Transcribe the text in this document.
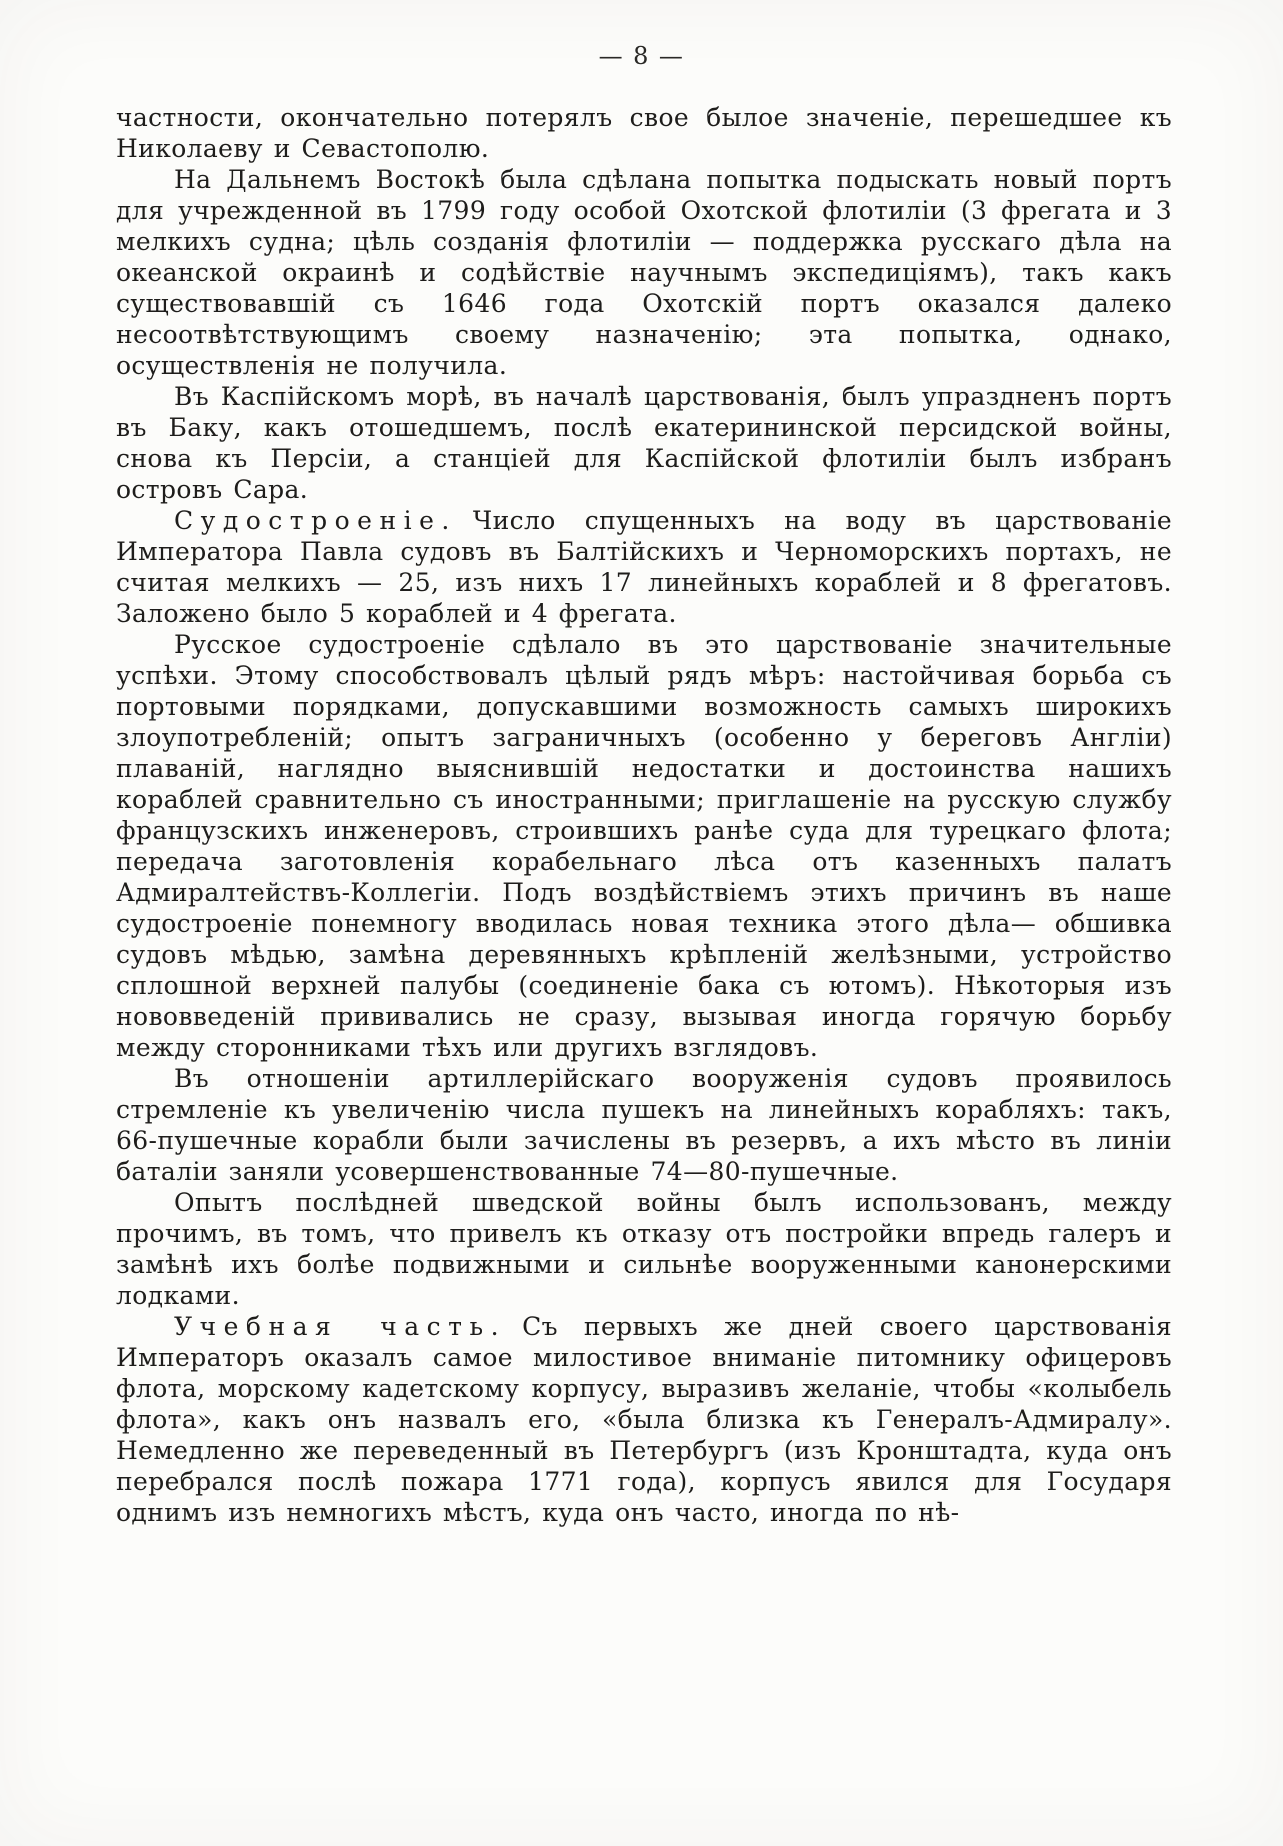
— 8 —

частности, окончательно потерялъ свое былое значеніе, перешедшее къ Николаеву и Севастополю.

На Дальнемъ Востокѣ была сдѣлана попытка подыскать новый портъ для учрежденной въ 1799 году особой Охотской флотиліи (3 фрегата и 3 мелкихъ судна; цѣль созданія флотиліи — поддержка русскаго дѣла на океанской окраинѣ и содѣйствіе научнымъ экспедиціямъ), такъ какъ существовавшій съ 1646 года Охотскій портъ оказался далеко несоотвѣтствующимъ своему назначенію; эта попытка, однако, осуществленія не получила.

Въ Каспійскомъ морѣ, въ началѣ царствованія, былъ упраздненъ портъ въ Баку, какъ отошедшемъ, послѣ екатерининской персидской войны, снова къ Персіи, а станціей для Каспійской флотиліи былъ избранъ островъ Сара.

Судостроеніе. Число спущенныхъ на воду въ царствованіе Императора Павла судовъ въ Балтійскихъ и Черноморскихъ портахъ, не считая мелкихъ — 25, изъ нихъ 17 линейныхъ кораблей и 8 фрегатовъ. Заложено было 5 кораблей и 4 фрегата.

Русское судостроеніе сдѣлало въ это царствованіе значительные успѣхи. Этому способствовалъ цѣлый рядъ мѣръ: настойчивая борьба съ портовыми порядками, допускавшими возможность самыхъ широкихъ злоупотребленій; опытъ заграничныхъ (особенно у береговъ Англіи) плаваній, наглядно выяснившій недостатки и достоинства нашихъ кораблей сравнительно съ иностранными; приглашеніе на русскую службу французскихъ инженеровъ, строившихъ ранѣе суда для турецкаго флота; передача заготовленія корабельнаго лѣса отъ казенныхъ палатъ Адмиралтействъ-Коллегіи. Подъ воздѣйствіемъ этихъ причинъ въ наше судостроеніе понемногу вводилась новая техника этого дѣла— обшивка судовъ мѣдью, замѣна деревянныхъ крѣпленій желѣзными, устройство сплошной верхней палубы (соединеніе бака съ ютомъ). Нѣкоторыя изъ нововведеній прививались не сразу, вызывая иногда горячую борьбу между сторонниками тѣхъ или другихъ взглядовъ.

Въ отношеніи артиллерійскаго вооруженія судовъ проявилось стремленіе къ увеличенію числа пушекъ на линейныхъ корабляхъ: такъ, 66-пушечные корабли были зачислены въ резервъ, а ихъ мѣсто въ линіи баталіи заняли усовершенствованные 74—80-пушечные.

Опытъ послѣдней шведской войны былъ использованъ, между прочимъ, въ томъ, что привелъ къ отказу отъ постройки впредь галеръ и замѣнѣ ихъ болѣе подвижными и сильнѣе вооруженными канонерскими лодками.

Учебная часть. Съ первыхъ же дней своего царствованія Императоръ оказалъ самое милостивое вниманіе питомнику офицеровъ флота, морскому кадетскому корпусу, выразивъ желаніе, чтобы «колыбель флота», какъ онъ назвалъ его, «была близка къ Генералъ-Адмиралу». Немедленно же переведенный въ Петербургъ (изъ Кронштадта, куда онъ перебрался послѣ пожара 1771 года), корпусъ явился для Государя однимъ изъ немногихъ мѣстъ, куда онъ часто, иногда по нѣ-
